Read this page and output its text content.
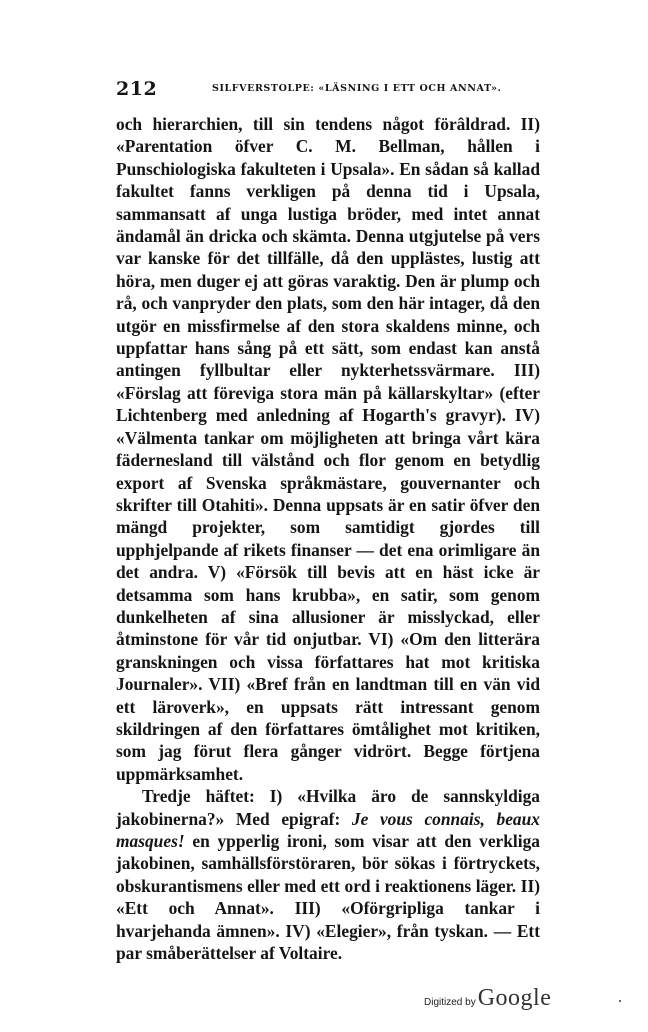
212	SILFVERSTOLPE: «LÄSNING I ETT OCH ANNAT».

och hierarchien, till sin tendens något förâldrad. II) «Parentation öfver C. M. Bellman, hållen i Punschiologiska fakulteten i Upsala». En sådan så kallad fakultet fanns verkligen på denna tid i Upsala, sammansatt af unga lustiga bröder, med intet annat ändamål än dricka och skämta. Denna utgjutelse på vers var kanske för det tillfälle, då den upplästes, lustig att höra, men duger ej att göras varaktig. Den är plump och rå, och vanpryder den plats, som den här intager, då den utgör en missfirmelse af den stora skaldens minne, och uppfattar hans sång på ett sätt, som endast kan anstå antingen fyllbultar eller nykterhetssvärmare. III) «Förslag att föreviga stora män på källarskyltar» (efter Lichtenberg med anledning af Hogarth's gravyr). IV) «Välmenta tankar om möjligheten att bringa vårt kära fädernesland till välstånd och flor genom en betydlig export af Svenska språkmästare, gouvernanter och skrifter till Otahiti». Denna uppsats är en satir öfver den mängd projekter, som samtidigt gjordes till upphjelpande af rikets finanser — det ena orimligare än det andra. V) «Försök till bevis att en häst icke är detsamma som hans krubba», en satir, som genom dunkelheten af sina allusioner är misslyckad, eller åtminstone för vår tid onjutbar. VI) «Om den litterära granskningen och vissa författares hat mot kritiska Journaler». VII) «Bref från en landtman till en vän vid ett läroverk», en uppsats rätt intressant genom skildringen af den författares ömtålighet mot kritiken, som jag förut flera gånger vidrört. Begge förtjena uppmärksamhet.

Tredje häftet: I) «Hvilka äro de sannskyldiga jakobinerna?» Med epigraf: Je vous connais, beaux masques! en ypperlig ironi, som visar att den verkliga jakobinen, samhällsförstöraren, bör sökas i förtryckets, obskurantismens eller med ett ord i reaktionens läger. II) «Ett och Annat». III) «Oförgripliga tankar i hvarjehanda ämnen». IV) «Elegier», från tyskan. — Ett par småberättelser af Voltaire.

Digitized by Google
